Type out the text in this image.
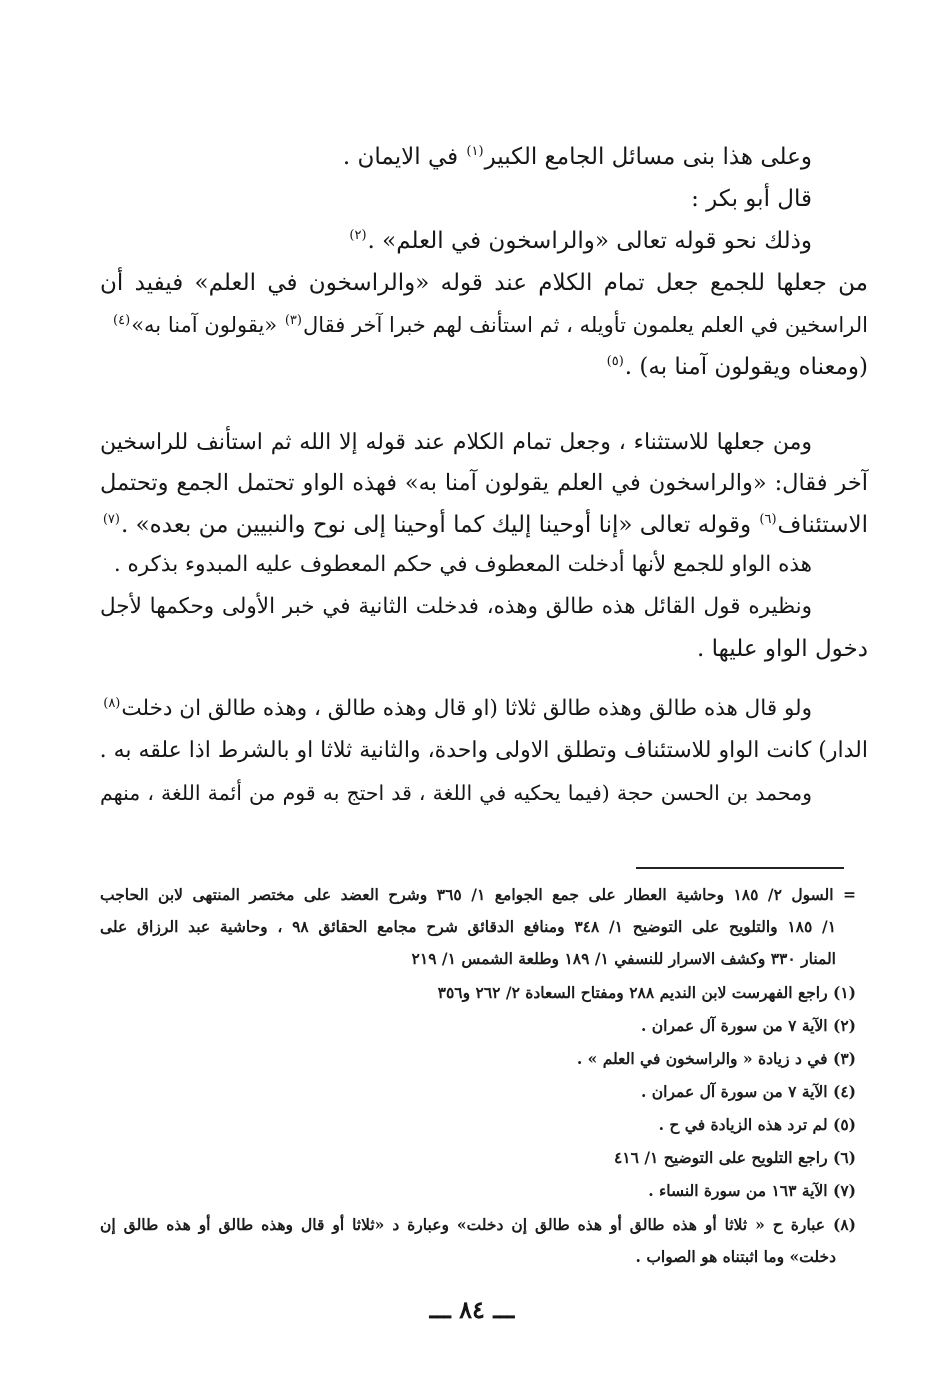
وعلى هذا بنى مسائل الجامع الكبير$^{(١)}$ في الايمان .
قال أبو بكر :
وذلك نحو قوله تعالى «والراسخون في العلم» .$^{(٢)}$
من جعلها للجمع جعل تمام الكلام عند قوله «والراسخون في العلم» فيفيد أن
الراسخين في العلم يعلمون تأويله ، ثم استأنف لهم خبرا آخر فقال$^{(٣)}$ «يقولون آمنا به»$^{(٤)}$
(ومعناه ويقولون آمنا به) .$^{(٥)}$
ومن جعلها للاستثناء ، وجعل تمام الكلام عند قوله إلا الله ثم استأنف للراسخين
آخر فقال: «والراسخون في العلم يقولون آمنا به» فهذه الواو تحتمل الجمع وتحتمل
الاستئناف$^{(٦)}$ وقوله تعالى «إنا أوحينا إليك كما أوحينا إلى نوح والنبيين من بعده» .$^{(٧)}$
هذه الواو للجمع لأنها أدخلت المعطوف في حكم المعطوف عليه المبدوء بذكره .
ونظيره قول القائل هذه طالق وهذه، فدخلت الثانية في خبر الأولى وحكمها لأجل
دخول الواو عليها .
ولو قال هذه طالق وهذه طالق ثلاثا (او قال وهذه طالق ، وهذه طالق ان دخلت$^{(٨)}$
الدار) كانت الواو للاستئناف وتطلق الاولى واحدة، والثانية ثلاثا او بالشرط اذا علقه به .
ومحمد بن الحسن حجة (فيما يحكيه في اللغة ، قد احتج به قوم من أئمة اللغة ، منهم
= السول ٢/ ١٨٥ وحاشية العطار على جمع الجوامع ١/ ٣٦٥ وشرح العضد على مختصر المنتهى لابن الحاجب
١/ ١٨٥ والتلويح على التوضيح ١/ ٣٤٨ ومنافع الدقائق شرح مجامع الحقائق ٩٨ ، وحاشية عبد الرزاق على
المنار ٣٣٠ وكشف الاسرار للنسفي ١/ ١٨٩ وطلعة الشمس ١/ ٢١٩
(١) راجع الفهرست لابن النديم ٢٨٨ ومفتاح السعادة ٢/ ٢٦٢ و٣٥٦
(٢) الآية ٧ من سورة آل عمران .
(٣) في د زيادة « والراسخون في العلم » .
(٤) الآية ٧ من سورة آل عمران .
(٥) لم ترد هذه الزيادة في ح .
(٦) راجع التلويح على التوضيح ١/ ٤١٦
(٧) الآية ١٦٣ من سورة النساء .
(٨) عبارة ح « ثلاثا أو هذه طالق أو هذه طالق إن دخلت» وعبارة د «ثلاثا أو قال وهذه طالق أو هذه طالق إن
دخلت» وما اثبتناه هو الصواب .
ـــ ٨٤ ـــ
